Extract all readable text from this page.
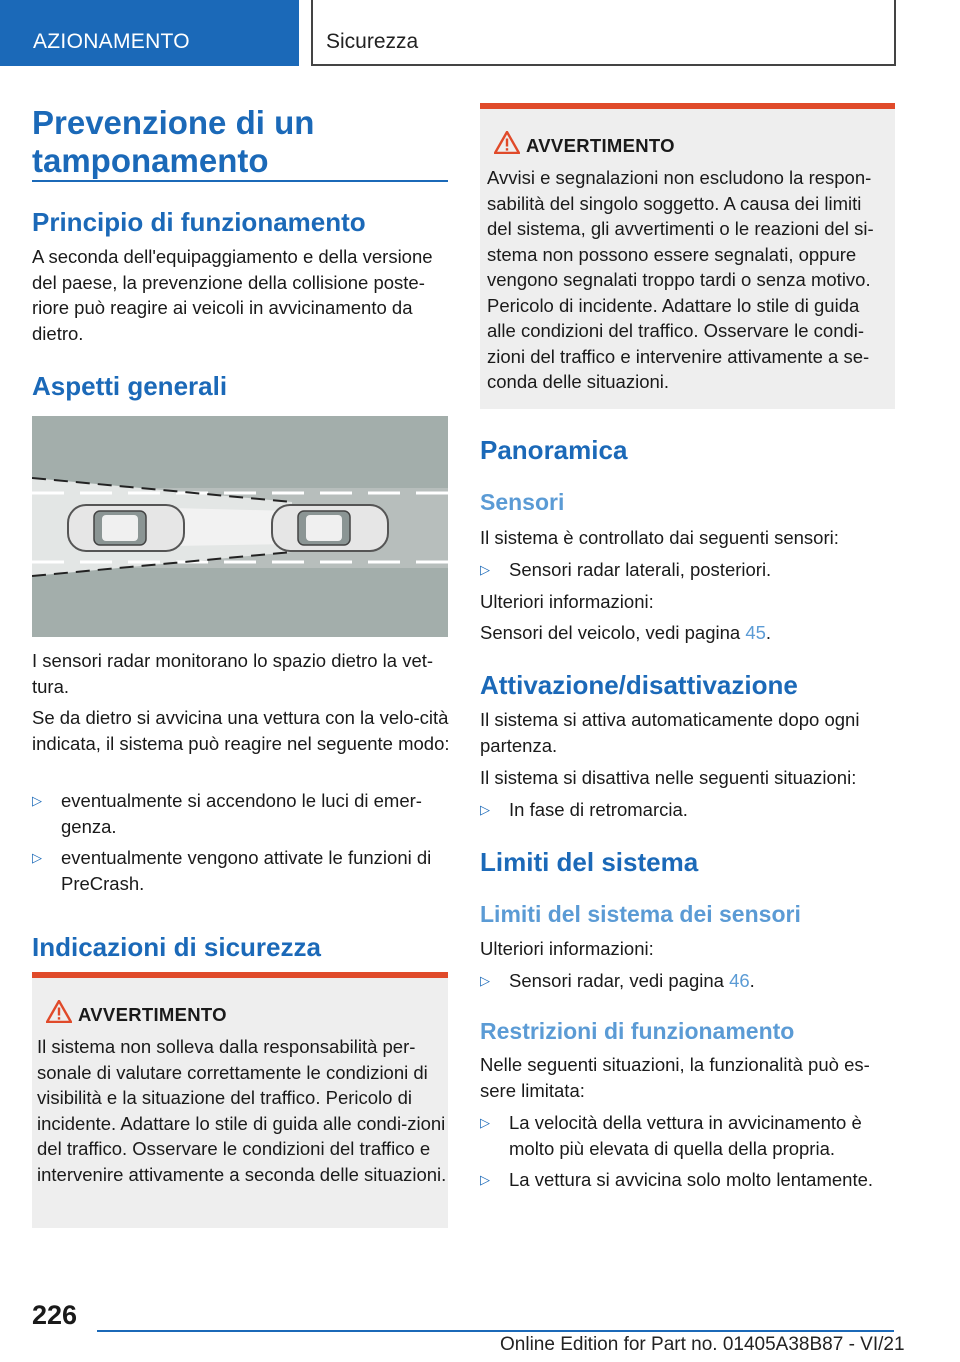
AZIONAMENTO	Sicurezza
Prevenzione di un tamponamento
Principio di funzionamento
A seconda dell'equipaggiamento e della versione del paese, la prevenzione della collisione poste-riore può reagire ai veicoli in avvicinamento da dietro.
Aspetti generali
I sensori radar monitorano lo spazio dietro la vet-tura.
Se da dietro si avvicina una vettura con la velo-cità indicata, il sistema può reagire nel seguente modo:
▷ eventualmente si accendono le luci di emer-genza.
▷ eventualmente vengono attivate le funzioni di PreCrash.
Indicazioni di sicurezza
AVVERTIMENTO
Il sistema non solleva dalla responsabilità per-sonale di valutare correttamente le condizioni di visibilità e la situazione del traffico. Pericolo di incidente. Adattare lo stile di guida alle condi-zioni del traffico. Osservare le condizioni del traffico e intervenire attivamente a seconda delle situazioni.
AVVERTIMENTO
Avvisi e segnalazioni non escludono la respon-sabilità del singolo soggetto. A causa dei limiti del sistema, gli avvertimenti o le reazioni del si-stema non possono essere segnalati, oppure vengono segnalati troppo tardi o senza motivo. Pericolo di incidente. Adattare lo stile di guida alle condizioni del traffico. Osservare le condi-zioni del traffico e intervenire attivamente a se-conda delle situazioni.
Panoramica
Sensori
Il sistema è controllato dai seguenti sensori:
▷ Sensori radar laterali, posteriori.
Ulteriori informazioni:
Sensori del veicolo, vedi pagina 45.
Attivazione/disattivazione
Il sistema si attiva automaticamente dopo ogni partenza.
Il sistema si disattiva nelle seguenti situazioni:
▷ In fase di retromarcia.
Limiti del sistema
Limiti del sistema dei sensori
Ulteriori informazioni:
▷ Sensori radar, vedi pagina 46.
Restrizioni di funzionamento
Nelle seguenti situazioni, la funzionalità può es-sere limitata:
▷ La velocità della vettura in avvicinamento è molto più elevata di quella della propria.
▷ La vettura si avvicina solo molto lentamente.
226
Online Edition for Part no. 01405A38B87 - VI/21
